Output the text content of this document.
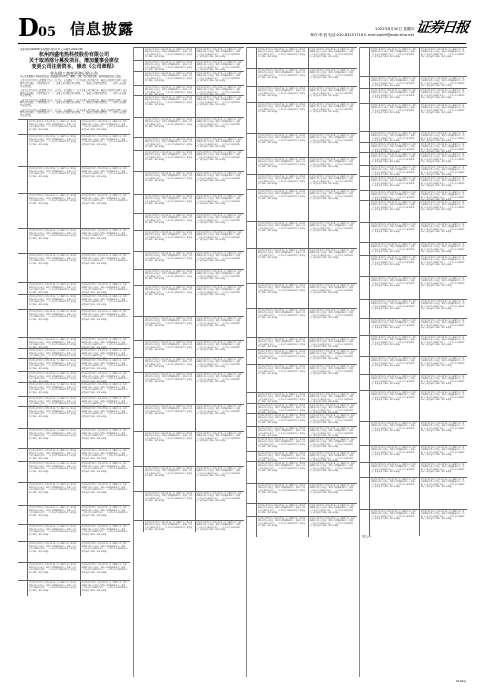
D 05 信息披露	2022年6月30日 星期四
制作:李 波 电话:010-83251716 E-mail:zqrb9@zqrb.sina.net 证券日报
证券代码:002258 证券简称:利尔化学 公告编号:2022-036
杭州西盛电热科技股份有限公司
关于取消部分募投项目、增加董事会席位
变更公司注册资本、修改《公司章程》
并办理工商变更登记的公告
本公司及董事会全体成员保证信息披露的内容真实、准确、完整，没有虚假记载、误导性陈述或重大遗漏。
公司于近日召开第五届董事会第十二次会议，审议通过了《关于变更公司注册资本、修改公司章程并办理工商变更登记的议案》，具体情况如下：一、变更公司注册资本的情况。二、修改公司章程的情况。三、办理工商变更登记的情况。
公司于近日召开第五届董事会第十二次会议，审议通过了《关于变更公司注册资本、修改公司章程并办理工商变更登记的议案》，具体情况如下：一、变更公司注册资本的情况。二、修改公司章程的情况。三、办理工商变更登记的情况。
公司于近日召开第五届董事会第十二次会议，审议通过了《关于变更公司注册资本、修改公司章程并办理工商变更登记的议案》，具体情况如下：一、变更公司注册资本的情况。二、修改公司章程的情况。三、办理工商变更登记的情况。
公司于近日召开第五届董事会第十二次会议，审议通过了《关于变更公司注册资本、修改公司章程并办理工商变更登记的议案》，具体情况如下：一、变更公司注册资本的情况。二、修改公司章程的情况。三、办理工商变更登记的情况。
原条款内容 修订后条款内容 第一条 为维护公司、股东和债权人的合法权益，规范公司的组织和行为，根据《中华人民共和国公司法》、《中华人民共和国证券法》和其他有关规定，制订本章程。
原条款内容 修订后条款内容 第一条 为维护公司、股东和债权人的合法权益，规范公司的组织和行为，根据《中华人民共和国公司法》、《中华人民共和国证券法》和其他有关规定，制订本章程。
原条款内容 修订后条款内容 第一条 为维护公司、股东和债权人的合法权益，规范公司的组织和行为，根据《中华人民共和国公司法》、《中华人民共和国证券法》和其他有关规定，制订本章程。
原条款内容 修订后条款内容 第一条 为维护公司、股东和债权人的合法权益，规范公司的组织和行为，根据《中华人民共和国公司法》、《中华人民共和国证券法》和其他有关规定，制订本章程。
原条款内容 修订后条款内容 第一条 为维护公司、股东和债权人的合法权益，规范公司的组织和行为，根据《中华人民共和国公司法》、《中华人民共和国证券法》和其他有关规定，制订本章程。
原条款内容 修订后条款内容 第一条 为维护公司、股东和债权人的合法权益，规范公司的组织和行为，根据《中华人民共和国公司法》、《中华人民共和国证券法》和其他有关规定，制订本章程。
原条款内容 修订后条款内容 第一条 为维护公司、股东和债权人的合法权益，规范公司的组织和行为，根据《中华人民共和国公司法》、《中华人民共和国证券法》和其他有关规定，制订本章程。
原条款内容 修订后条款内容 第一条 为维护公司、股东和债权人的合法权益，规范公司的组织和行为，根据《中华人民共和国公司法》、《中华人民共和国证券法》和其他有关规定，制订本章程。
原条款内容 修订后条款内容 第一条 为维护公司、股东和债权人的合法权益，规范公司的组织和行为，根据《中华人民共和国公司法》、《中华人民共和国证券法》和其他有关规定，制订本章程。
原条款内容 修订后条款内容 第一条 为维护公司、股东和债权人的合法权益，规范公司的组织和行为，根据《中华人民共和国公司法》、《中华人民共和国证券法》和其他有关规定，制订本章程。
原条款内容 修订后条款内容 第一条 为维护公司、股东和债权人的合法权益，规范公司的组织和行为，根据《中华人民共和国公司法》、《中华人民共和国证券法》和其他有关规定，制订本章程。
原条款内容 修订后条款内容 第一条 为维护公司、股东和债权人的合法权益，规范公司的组织和行为，根据《中华人民共和国公司法》、《中华人民共和国证券法》和其他有关规定，制订本章程。
原条款内容 修订后条款内容 第一条 为维护公司、股东和债权人的合法权益，规范公司的组织和行为，根据《中华人民共和国公司法》、《中华人民共和国证券法》和其他有关规定，制订本章程。
原条款内容 修订后条款内容 第一条 为维护公司、股东和债权人的合法权益，规范公司的组织和行为，根据《中华人民共和国公司法》、《中华人民共和国证券法》和其他有关规定，制订本章程。
原条款内容 修订后条款内容 第一条 为维护公司、股东和债权人的合法权益，规范公司的组织和行为，根据《中华人民共和国公司法》、《中华人民共和国证券法》和其他有关规定，制订本章程。
原条款内容 修订后条款内容 第一条 为维护公司、股东和债权人的合法权益，规范公司的组织和行为，根据《中华人民共和国公司法》、《中华人民共和国证券法》和其他有关规定，制订本章程。
原条款内容 修订后条款内容 第一条 为维护公司、股东和债权人的合法权益，规范公司的组织和行为，根据《中华人民共和国公司法》、《中华人民共和国证券法》和其他有关规定，制订本章程。
原条款内容 修订后条款内容 第一条 为维护公司、股东和债权人的合法权益，规范公司的组织和行为，根据《中华人民共和国公司法》、《中华人民共和国证券法》和其他有关规定，制订本章程。
原条款内容 修订后条款内容 第一条 为维护公司、股东和债权人的合法权益，规范公司的组织和行为，根据《中华人民共和国公司法》、《中华人民共和国证券法》和其他有关规定，制订本章程。
原条款内容 修订后条款内容 第一条 为维护公司、股东和债权人的合法权益，规范公司的组织和行为，根据《中华人民共和国公司法》、《中华人民共和国证券法》和其他有关规定，制订本章程。
原条款内容 修订后条款内容 第一条 为维护公司、股东和债权人的合法权益，规范公司的组织和行为，根据《中华人民共和国公司法》、《中华人民共和国证券法》和其他有关规定，制订本章程。
原条款内容 修订后条款内容 第一条 为维护公司、股东和债权人的合法权益，规范公司的组织和行为，根据《中华人民共和国公司法》、《中华人民共和国证券法》和其他有关规定，制订本章程。
原条款内容 修订后条款内容 第一条 为维护公司、股东和债权人的合法权益，规范公司的组织和行为，根据《中华人民共和国公司法》、《中华人民共和国证券法》和其他有关规定，制订本章程。
原条款内容 修订后条款内容 第一条 为维护公司、股东和债权人的合法权益，规范公司的组织和行为，根据《中华人民共和国公司法》、《中华人民共和国证券法》和其他有关规定，制订本章程。
原条款内容 修订后条款内容 第一条 为维护公司、股东和债权人的合法权益，规范公司的组织和行为，根据《中华人民共和国公司法》、《中华人民共和国证券法》和其他有关规定，制订本章程。
原条款内容 修订后条款内容 第一条 为维护公司、股东和债权人的合法权益，规范公司的组织和行为，根据《中华人民共和国公司法》、《中华人民共和国证券法》和其他有关规定，制订本章程。
原条款内容 修订后条款内容 第一条 为维护公司、股东和债权人的合法权益，规范公司的组织和行为，根据《中华人民共和国公司法》、《中华人民共和国证券法》和其他有关规定，制订本章程。
原条款内容 修订后条款内容 第一条 为维护公司、股东和债权人的合法权益，规范公司的组织和行为，根据《中华人民共和国公司法》、《中华人民共和国证券法》和其他有关规定，制订本章程。
原条款内容 修订后条款内容 第一条 为维护公司、股东和债权人的合法权益，规范公司的组织和行为，根据《中华人民共和国公司法》、《中华人民共和国证券法》和其他有关规定，制订本章程。
原条款内容 修订后条款内容 第一条 为维护公司、股东和债权人的合法权益，规范公司的组织和行为，根据《中华人民共和国公司法》、《中华人民共和国证券法》和其他有关规定，制订本章程。
原条款内容 修订后条款内容 第一条 为维护公司、股东和债权人的合法权益，规范公司的组织和行为，根据《中华人民共和国公司法》、《中华人民共和国证券法》和其他有关规定，制订本章程。
原条款内容 修订后条款内容 第一条 为维护公司、股东和债权人的合法权益，规范公司的组织和行为，根据《中华人民共和国公司法》、《中华人民共和国证券法》和其他有关规定，制订本章程。
原条款内容 修订后条款内容 第一条 为维护公司、股东和债权人的合法权益，规范公司的组织和行为，根据《中华人民共和国公司法》、《中华人民共和国证券法》和其他有关规定，制订本章程。
原条款内容 修订后条款内容 第一条 为维护公司、股东和债权人的合法权益，规范公司的组织和行为，根据《中华人民共和国公司法》、《中华人民共和国证券法》和其他有关规定，制订本章程。
原条款内容 修订后条款内容 第一条 为维护公司、股东和债权人的合法权益，规范公司的组织和行为，根据《中华人民共和国公司法》、《中华人民共和国证券法》和其他有关规定，制订本章程。
原条款内容 修订后条款内容 第一条 为维护公司、股东和债权人的合法权益，规范公司的组织和行为，根据《中华人民共和国公司法》、《中华人民共和国证券法》和其他有关规定，制订本章程。
原条款内容 修订后条款内容 第一条 为维护公司、股东和债权人的合法权益，规范公司的组织和行为，根据《中华人民共和国公司法》、《中华人民共和国证券法》和其他有关规定，制订本章程。
原条款内容 修订后条款内容 第一条 为维护公司、股东和债权人的合法权益，规范公司的组织和行为，根据《中华人民共和国公司法》、《中华人民共和国证券法》和其他有关规定，制订本章程。
原条款内容 修订后条款内容 第一条 为维护公司、股东和债权人的合法权益，规范公司的组织和行为，根据《中华人民共和国公司法》、《中华人民共和国证券法》和其他有关规定，制订本章程。
原条款内容 修订后条款内容 第一条 为维护公司、股东和债权人的合法权益，规范公司的组织和行为，根据《中华人民共和国公司法》、《中华人民共和国证券法》和其他有关规定，制订本章程。
原条款内容 修订后条款内容 第一条 为维护公司、股东和债权人的合法权益，规范公司的组织和行为，根据《中华人民共和国公司法》、《中华人民共和国证券法》和其他有关规定，制订本章程。
原条款内容 修订后条款内容 第一条 为维护公司、股东和债权人的合法权益，规范公司的组织和行为，根据《中华人民共和国公司法》、《中华人民共和国证券法》和其他有关规定，制订本章程。
原条款内容 修订后条款内容 第一条 为维护公司、股东和债权人的合法权益，规范公司的组织和行为，根据《中华人民共和国公司法》、《中华人民共和国证券法》和其他有关规定，制订本章程。
原条款内容 修订后条款内容 第一条 为维护公司、股东和债权人的合法权益，规范公司的组织和行为，根据《中华人民共和国公司法》、《中华人民共和国证券法》和其他有关规定，制订本章程。
原条款内容 修订后条款内容 第一条 为维护公司、股东和债权人的合法权益，规范公司的组织和行为，根据《中华人民共和国公司法》、《中华人民共和国证券法》和其他有关规定，制订本章程。
原条款内容 修订后条款内容 第一条 为维护公司、股东和债权人的合法权益，规范公司的组织和行为，根据《中华人民共和国公司法》、《中华人民共和国证券法》和其他有关规定，制订本章程。
原条款内容 修订后条款内容 第一条 为维护公司、股东和债权人的合法权益，规范公司的组织和行为，根据《中华人民共和国公司法》、《中华人民共和国证券法》和其他有关规定，制订本章程。
原条款内容 修订后条款内容 第一条 为维护公司、股东和债权人的合法权益，规范公司的组织和行为，根据《中华人民共和国公司法》、《中华人民共和国证券法》和其他有关规定，制订本章程。
原条款内容 修订后条款内容 第一条 为维护公司、股东和债权人的合法权益，规范公司的组织和行为，根据《中华人民共和国公司法》、《中华人民共和国证券法》和其他有关规定，制订本章程。
原条款内容 修订后条款内容 第一条 为维护公司、股东和债权人的合法权益，规范公司的组织和行为，根据《中华人民共和国公司法》、《中华人民共和国证券法》和其他有关规定，制订本章程。
原条款内容 修订后条款内容 第一条 为维护公司、股东和债权人的合法权益，规范公司的组织和行为，根据《中华人民共和国公司法》、《中华人民共和国证券法》和其他有关规定，制订本章程。
原条款内容 修订后条款内容 第一条 为维护公司、股东和债权人的合法权益，规范公司的组织和行为，根据《中华人民共和国公司法》、《中华人民共和国证券法》和其他有关规定，制订本章程。
原条款内容 修订后条款内容 第一条 为维护公司、股东和债权人的合法权益，规范公司的组织和行为，根据《中华人民共和国公司法》、《中华人民共和国证券法》和其他有关规定，制订本章程。
原条款内容 修订后条款内容 第一条 为维护公司、股东和债权人的合法权益，规范公司的组织和行为，根据《中华人民共和国公司法》、《中华人民共和国证券法》和其他有关规定，制订本章程。
原条款内容 修订后条款内容 第一条 为维护公司、股东和债权人的合法权益，规范公司的组织和行为，根据《中华人民共和国公司法》、《中华人民共和国证券法》和其他有关规定，制订本章程。
原条款内容 修订后条款内容 第一条 为维护公司、股东和债权人的合法权益，规范公司的组织和行为，根据《中华人民共和国公司法》、《中华人民共和国证券法》和其他有关规定，制订本章程。
原条款内容 修订后条款内容 第一条 为维护公司、股东和债权人的合法权益，规范公司的组织和行为，根据《中华人民共和国公司法》、《中华人民共和国证券法》和其他有关规定，制订本章程。
原条款内容 修订后条款内容 第一条 为维护公司、股东和债权人的合法权益，规范公司的组织和行为，根据《中华人民共和国公司法》、《中华人民共和国证券法》和其他有关规定，制订本章程。
原条款内容 修订后条款内容 第一条 为维护公司、股东和债权人的合法权益，规范公司的组织和行为，根据《中华人民共和国公司法》、《中华人民共和国证券法》和其他有关规定，制订本章程。
原条款内容 修订后条款内容 第一条 为维护公司、股东和债权人的合法权益，规范公司的组织和行为，根据《中华人民共和国公司法》、《中华人民共和国证券法》和其他有关规定，制订本章程。
原条款内容 修订后条款内容 第一条 为维护公司、股东和债权人的合法权益，规范公司的组织和行为，根据《中华人民共和国公司法》、《中华人民共和国证券法》和其他有关规定，制订本章程。
原条款内容 修订后条款内容 第一条 为维护公司、股东和债权人的合法权益，规范公司的组织和行为，根据《中华人民共和国公司法》、《中华人民共和国证券法》和其他有关规定，制订本章程。
原条款内容 修订后条款内容 第一条 为维护公司、股东和债权人的合法权益，规范公司的组织和行为，根据《中华人民共和国公司法》、《中华人民共和国证券法》和其他有关规定，制订本章程。
原条款内容 修订后条款内容 第一条 为维护公司、股东和债权人的合法权益，规范公司的组织和行为，根据《中华人民共和国公司法》、《中华人民共和国证券法》和其他有关规定，制订本章程。
原条款内容 修订后条款内容 第一条 为维护公司、股东和债权人的合法权益，规范公司的组织和行为，根据《中华人民共和国公司法》、《中华人民共和国证券法》和其他有关规定，制订本章程。
原条款内容 修订后条款内容 第一条 为维护公司、股东和债权人的合法权益，规范公司的组织和行为，根据《中华人民共和国公司法》、《中华人民共和国证券法》和其他有关规定，制订本章程。
原条款内容 修订后条款内容 第一条 为维护公司、股东和债权人的合法权益，规范公司的组织和行为，根据《中华人民共和国公司法》、《中华人民共和国证券法》和其他有关规定，制订本章程。
原条款内容 修订后条款内容 第一条 为维护公司、股东和债权人的合法权益，规范公司的组织和行为，根据《中华人民共和国公司法》、《中华人民共和国证券法》和其他有关规定，制订本章程。
原条款内容 修订后条款内容 第一条 为维护公司、股东和债权人的合法权益，规范公司的组织和行为，根据《中华人民共和国公司法》、《中华人民共和国证券法》和其他有关规定，制订本章程。
原条款内容 修订后条款内容 第一条 为维护公司、股东和债权人的合法权益，规范公司的组织和行为，根据《中华人民共和国公司法》、《中华人民共和国证券法》和其他有关规定，制订本章程。
原条款内容 修订后条款内容 第一条 为维护公司、股东和债权人的合法权益，规范公司的组织和行为，根据《中华人民共和国公司法》、《中华人民共和国证券法》和其他有关规定，制订本章程。
原条款内容 修订后条款内容 第一条 为维护公司、股东和债权人的合法权益，规范公司的组织和行为，根据《中华人民共和国公司法》、《中华人民共和国证券法》和其他有关规定，制订本章程。
原条款内容 修订后条款内容 第一条 为维护公司、股东和债权人的合法权益，规范公司的组织和行为，根据《中华人民共和国公司法》、《中华人民共和国证券法》和其他有关规定，制订本章程。
原条款内容 修订后条款内容 第一条 为维护公司、股东和债权人的合法权益，规范公司的组织和行为，根据《中华人民共和国公司法》、《中华人民共和国证券法》和其他有关规定，制订本章程。
原条款内容 修订后条款内容 第一条 为维护公司、股东和债权人的合法权益，规范公司的组织和行为，根据《中华人民共和国公司法》、《中华人民共和国证券法》和其他有关规定，制订本章程。
原条款内容 修订后条款内容 第一条 为维护公司、股东和债权人的合法权益，规范公司的组织和行为，根据《中华人民共和国公司法》、《中华人民共和国证券法》和其他有关规定，制订本章程。
原条款内容 修订后条款内容 第一条 为维护公司、股东和债权人的合法权益，规范公司的组织和行为，根据《中华人民共和国公司法》、《中华人民共和国证券法》和其他有关规定，制订本章程。
原条款内容 修订后条款内容 第一条 为维护公司、股东和债权人的合法权益，规范公司的组织和行为，根据《中华人民共和国公司法》、《中华人民共和国证券法》和其他有关规定，制订本章程。
原条款内容 修订后条款内容 第一条 为维护公司、股东和债权人的合法权益，规范公司的组织和行为，根据《中华人民共和国公司法》、《中华人民共和国证券法》和其他有关规定，制订本章程。
原条款内容 修订后条款内容 第一条 为维护公司、股东和债权人的合法权益，规范公司的组织和行为，根据《中华人民共和国公司法》、《中华人民共和国证券法》和其他有关规定，制订本章程。
原条款内容 修订后条款内容 第一条 为维护公司、股东和债权人的合法权益，规范公司的组织和行为，根据《中华人民共和国公司法》、《中华人民共和国证券法》和其他有关规定，制订本章程。
原条款内容 修订后条款内容 第一条 为维护公司、股东和债权人的合法权益，规范公司的组织和行为，根据《中华人民共和国公司法》、《中华人民共和国证券法》和其他有关规定，制订本章程。
原条款内容 修订后条款内容 第一条 为维护公司、股东和债权人的合法权益，规范公司的组织和行为，根据《中华人民共和国公司法》、《中华人民共和国证券法》和其他有关规定，制订本章程。
原条款内容 修订后条款内容 第一条 为维护公司、股东和债权人的合法权益，规范公司的组织和行为，根据《中华人民共和国公司法》、《中华人民共和国证券法》和其他有关规定，制订本章程。
原条款内容 修订后条款内容 第一条 为维护公司、股东和债权人的合法权益，规范公司的组织和行为，根据《中华人民共和国公司法》、《中华人民共和国证券法》和其他有关规定，制订本章程。
原条款内容 修订后条款内容 第一条 为维护公司、股东和债权人的合法权益，规范公司的组织和行为，根据《中华人民共和国公司法》、《中华人民共和国证券法》和其他有关规定，制订本章程。
原条款内容 修订后条款内容 第一条 为维护公司、股东和债权人的合法权益，规范公司的组织和行为，根据《中华人民共和国公司法》、《中华人民共和国证券法》和其他有关规定，制订本章程。
原条款内容 修订后条款内容 第一条 为维护公司、股东和债权人的合法权益，规范公司的组织和行为，根据《中华人民共和国公司法》、《中华人民共和国证券法》和其他有关规定，制订本章程。
原条款内容 修订后条款内容 第一条 为维护公司、股东和债权人的合法权益，规范公司的组织和行为，根据《中华人民共和国公司法》、《中华人民共和国证券法》和其他有关规定，制订本章程。
原条款内容 修订后条款内容 第一条 为维护公司、股东和债权人的合法权益，规范公司的组织和行为，根据《中华人民共和国公司法》、《中华人民共和国证券法》和其他有关规定，制订本章程。
原条款内容 修订后条款内容 第一条 为维护公司、股东和债权人的合法权益，规范公司的组织和行为，根据《中华人民共和国公司法》、《中华人民共和国证券法》和其他有关规定，制订本章程。
原条款内容 修订后条款内容 第一条 为维护公司、股东和债权人的合法权益，规范公司的组织和行为，根据《中华人民共和国公司法》、《中华人民共和国证券法》和其他有关规定，制订本章程。
原条款内容 修订后条款内容 第一条 为维护公司、股东和债权人的合法权益，规范公司的组织和行为，根据《中华人民共和国公司法》、《中华人民共和国证券法》和其他有关规定，制订本章程。
原条款内容 修订后条款内容 第一条 为维护公司、股东和债权人的合法权益，规范公司的组织和行为，根据《中华人民共和国公司法》、《中华人民共和国证券法》和其他有关规定，制订本章程。
原条款内容 修订后条款内容 第一条 为维护公司、股东和债权人的合法权益，规范公司的组织和行为，根据《中华人民共和国公司法》、《中华人民共和国证券法》和其他有关规定，制订本章程。
原条款内容 修订后条款内容 第一条 为维护公司、股东和债权人的合法权益，规范公司的组织和行为，根据《中华人民共和国公司法》、《中华人民共和国证券法》和其他有关规定，制订本章程。
原条款内容 修订后条款内容 第一条 为维护公司、股东和债权人的合法权益，规范公司的组织和行为，根据《中华人民共和国公司法》、《中华人民共和国证券法》和其他有关规定，制订本章程。
原条款内容 修订后条款内容 第一条 为维护公司、股东和债权人的合法权益，规范公司的组织和行为，根据《中华人民共和国公司法》、《中华人民共和国证券法》和其他有关规定，制订本章程。
原条款内容 修订后条款内容 第一条 为维护公司、股东和债权人的合法权益，规范公司的组织和行为，根据《中华人民共和国公司法》、《中华人民共和国证券法》和其他有关规定，制订本章程。
原条款内容 修订后条款内容 第一条 为维护公司、股东和债权人的合法权益，规范公司的组织和行为，根据《中华人民共和国公司法》、《中华人民共和国证券法》和其他有关规定，制订本章程。
原条款内容 修订后条款内容 第一条 为维护公司、股东和债权人的合法权益，规范公司的组织和行为，根据《中华人民共和国公司法》、《中华人民共和国证券法》和其他有关规定，制订本章程。
原条款内容 修订后条款内容 第一条 为维护公司、股东和债权人的合法权益，规范公司的组织和行为，根据《中华人民共和国公司法》、《中华人民共和国证券法》和其他有关规定，制订本章程。
原条款内容 修订后条款内容 第一条 为维护公司、股东和债权人的合法权益，规范公司的组织和行为，根据《中华人民共和国公司法》、《中华人民共和国证券法》和其他有关规定，制订本章程。
原条款内容 修订后条款内容 第一条 为维护公司、股东和债权人的合法权益，规范公司的组织和行为，根据《中华人民共和国公司法》、《中华人民共和国证券法》和其他有关规定，制订本章程。
原条款内容 修订后条款内容 第一条 为维护公司、股东和债权人的合法权益，规范公司的组织和行为，根据《中华人民共和国公司法》、《中华人民共和国证券法》和其他有关规定，制订本章程。
原条款内容 修订后条款内容 第一条 为维护公司、股东和债权人的合法权益，规范公司的组织和行为，根据《中华人民共和国公司法》、《中华人民共和国证券法》和其他有关规定，制订本章程。
原条款内容 修订后条款内容 第一条 为维护公司、股东和债权人的合法权益，规范公司的组织和行为，根据《中华人民共和国公司法》、《中华人民共和国证券法》和其他有关规定，制订本章程。
原条款内容 修订后条款内容 第一条 为维护公司、股东和债权人的合法权益，规范公司的组织和行为，根据《中华人民共和国公司法》、《中华人民共和国证券法》和其他有关规定，制订本章程。
原条款内容 修订后条款内容 第一条 为维护公司、股东和债权人的合法权益，规范公司的组织和行为，根据《中华人民共和国公司法》、《中华人民共和国证券法》和其他有关规定，制订本章程。
原条款内容 修订后条款内容 第一条 为维护公司、股东和债权人的合法权益，规范公司的组织和行为，根据《中华人民共和国公司法》、《中华人民共和国证券法》和其他有关规定，制订本章程。
原条款内容 修订后条款内容 第一条 为维护公司、股东和债权人的合法权益，规范公司的组织和行为，根据《中华人民共和国公司法》、《中华人民共和国证券法》和其他有关规定，制订本章程。
原条款内容 修订后条款内容 第一条 为维护公司、股东和债权人的合法权益，规范公司的组织和行为，根据《中华人民共和国公司法》、《中华人民共和国证券法》和其他有关规定，制订本章程。
原条款内容 修订后条款内容 第一条 为维护公司、股东和债权人的合法权益，规范公司的组织和行为，根据《中华人民共和国公司法》、《中华人民共和国证券法》和其他有关规定，制订本章程。
原条款内容 修订后条款内容 第一条 为维护公司、股东和债权人的合法权益，规范公司的组织和行为，根据《中华人民共和国公司法》、《中华人民共和国证券法》和其他有关规定，制订本章程。
原条款内容 修订后条款内容 第一条 为维护公司、股东和债权人的合法权益，规范公司的组织和行为，根据《中华人民共和国公司法》、《中华人民共和国证券法》和其他有关规定，制订本章程。
原条款内容 修订后条款内容 第一条 为维护公司、股东和债权人的合法权益，规范公司的组织和行为，根据《中华人民共和国公司法》、《中华人民共和国证券法》和其他有关规定，制订本章程。
原条款内容 修订后条款内容 第一条 为维护公司、股东和债权人的合法权益，规范公司的组织和行为，根据《中华人民共和国公司法》、《中华人民共和国证券法》和其他有关规定，制订本章程。
原条款内容 修订后条款内容 第一条 为维护公司、股东和债权人的合法权益，规范公司的组织和行为，根据《中华人民共和国公司法》、《中华人民共和国证券法》和其他有关规定，制订本章程。
原条款内容 修订后条款内容 第一条 为维护公司、股东和债权人的合法权益，规范公司的组织和行为，根据《中华人民共和国公司法》、《中华人民共和国证券法》和其他有关规定，制订本章程。
原条款内容 修订后条款内容 第一条 为维护公司、股东和债权人的合法权益，规范公司的组织和行为，根据《中华人民共和国公司法》、《中华人民共和国证券法》和其他有关规定，制订本章程。
原条款内容 修订后条款内容 第一条 为维护公司、股东和债权人的合法权益，规范公司的组织和行为，根据《中华人民共和国公司法》、《中华人民共和国证券法》和其他有关规定，制订本章程。
原条款内容 修订后条款内容 第一条 为维护公司、股东和债权人的合法权益，规范公司的组织和行为，根据《中华人民共和国公司法》、《中华人民共和国证券法》和其他有关规定，制订本章程。
原条款内容 修订后条款内容 第一条 为维护公司、股东和债权人的合法权益，规范公司的组织和行为，根据《中华人民共和国公司法》、《中华人民共和国证券法》和其他有关规定，制订本章程。
原条款内容 修订后条款内容 第一条 为维护公司、股东和债权人的合法权益，规范公司的组织和行为，根据《中华人民共和国公司法》、《中华人民共和国证券法》和其他有关规定，制订本章程。
原条款内容 修订后条款内容 第一条 为维护公司、股东和债权人的合法权益，规范公司的组织和行为，根据《中华人民共和国公司法》、《中华人民共和国证券法》和其他有关规定，制订本章程。
原条款内容 修订后条款内容 第一条 为维护公司、股东和债权人的合法权益，规范公司的组织和行为，根据《中华人民共和国公司法》、《中华人民共和国证券法》和其他有关规定，制订本章程。
原条款内容 修订后条款内容 第一条 为维护公司、股东和债权人的合法权益，规范公司的组织和行为，根据《中华人民共和国公司法》、《中华人民共和国证券法》和其他有关规定，制订本章程。
原条款内容 修订后条款内容 第一条 为维护公司、股东和债权人的合法权益，规范公司的组织和行为，根据《中华人民共和国公司法》、《中华人民共和国证券法》和其他有关规定，制订本章程。
原条款内容 修订后条款内容 第一条 为维护公司、股东和债权人的合法权益，规范公司的组织和行为，根据《中华人民共和国公司法》、《中华人民共和国证券法》和其他有关规定，制订本章程。
原条款内容 修订后条款内容 第一条 为维护公司、股东和债权人的合法权益，规范公司的组织和行为，根据《中华人民共和国公司法》、《中华人民共和国证券法》和其他有关规定，制订本章程。
原条款内容 修订后条款内容 第一条 为维护公司、股东和债权人的合法权益，规范公司的组织和行为，根据《中华人民共和国公司法》、《中华人民共和国证券法》和其他有关规定，制订本章程。
原条款内容 修订后条款内容 第一条 为维护公司、股东和债权人的合法权益，规范公司的组织和行为，根据《中华人民共和国公司法》、《中华人民共和国证券法》和其他有关规定，制订本章程。
原条款内容 修订后条款内容 第一条 为维护公司、股东和债权人的合法权益，规范公司的组织和行为，根据《中华人民共和国公司法》、《中华人民共和国证券法》和其他有关规定，制订本章程。
原条款内容 修订后条款内容 第一条 为维护公司、股东和债权人的合法权益，规范公司的组织和行为，根据《中华人民共和国公司法》、《中华人民共和国证券法》和其他有关规定，制订本章程。
原条款内容 修订后条款内容 第一条 为维护公司、股东和债权人的合法权益，规范公司的组织和行为，根据《中华人民共和国公司法》、《中华人民共和国证券法》和其他有关规定，制订本章程。
原条款内容 修订后条款内容 第一条 为维护公司、股东和债权人的合法权益，规范公司的组织和行为，根据《中华人民共和国公司法》、《中华人民共和国证券法》和其他有关规定，制订本章程。
原条款内容 修订后条款内容 第一条 为维护公司、股东和债权人的合法权益，规范公司的组织和行为，根据《中华人民共和国公司法》、《中华人民共和国证券法》和其他有关规定，制订本章程。
原条款内容 修订后条款内容 第一条 为维护公司、股东和债权人的合法权益，规范公司的组织和行为，根据《中华人民共和国公司法》、《中华人民共和国证券法》和其他有关规定，制订本章程。
原条款内容 修订后条款内容 第一条 为维护公司、股东和债权人的合法权益，规范公司的组织和行为，根据《中华人民共和国公司法》、《中华人民共和国证券法》和其他有关规定，制订本章程。
原条款内容 修订后条款内容 第一条 为维护公司、股东和债权人的合法权益，规范公司的组织和行为，根据《中华人民共和国公司法》、《中华人民共和国证券法》和其他有关规定，制订本章程。
原条款内容 修订后条款内容 第一条 为维护公司、股东和债权人的合法权益，规范公司的组织和行为，根据《中华人民共和国公司法》、《中华人民共和国证券法》和其他有关规定，制订本章程。
原条款内容 修订后条款内容 第一条 为维护公司、股东和债权人的合法权益，规范公司的组织和行为，根据《中华人民共和国公司法》、《中华人民共和国证券法》和其他有关规定，制订本章程。
原条款内容 修订后条款内容 第一条 为维护公司、股东和债权人的合法权益，规范公司的组织和行为，根据《中华人民共和国公司法》、《中华人民共和国证券法》和其他有关规定，制订本章程。
原条款内容 修订后条款内容 第一条 为维护公司、股东和债权人的合法权益，规范公司的组织和行为，根据《中华人民共和国公司法》、《中华人民共和国证券法》和其他有关规定，制订本章程。
原条款内容 修订后条款内容 第一条 为维护公司、股东和债权人的合法权益，规范公司的组织和行为，根据《中华人民共和国公司法》、《中华人民共和国证券法》和其他有关规定，制订本章程。
原条款内容 修订后条款内容 第一条 为维护公司、股东和债权人的合法权益，规范公司的组织和行为，根据《中华人民共和国公司法》、《中华人民共和国证券法》和其他有关规定，制订本章程。
原条款内容 修订后条款内容 第一条 为维护公司、股东和债权人的合法权益，规范公司的组织和行为，根据《中华人民共和国公司法》、《中华人民共和国证券法》和其他有关规定，制订本章程。
原条款内容 修订后条款内容 第一条 为维护公司、股东和债权人的合法权益，规范公司的组织和行为，根据《中华人民共和国公司法》、《中华人民共和国证券法》和其他有关规定，制订本章程。
原条款内容 修订后条款内容 第一条 为维护公司、股东和债权人的合法权益，规范公司的组织和行为，根据《中华人民共和国公司法》、《中华人民共和国证券法》和其他有关规定，制订本章程。
原条款内容 修订后条款内容 第一条 为维护公司、股东和债权人的合法权益，规范公司的组织和行为，根据《中华人民共和国公司法》、《中华人民共和国证券法》和其他有关规定，制订本章程。
原条款内容 修订后条款内容 第一条 为维护公司、股东和债权人的合法权益，规范公司的组织和行为，根据《中华人民共和国公司法》、《中华人民共和国证券法》和其他有关规定，制订本章程。
原条款内容 修订后条款内容 第一条 为维护公司、股东和债权人的合法权益，规范公司的组织和行为，根据《中华人民共和国公司法》、《中华人民共和国证券法》和其他有关规定，制订本章程。
原条款内容 修订后条款内容 第一条 为维护公司、股东和债权人的合法权益，规范公司的组织和行为，根据《中华人民共和国公司法》、《中华人民共和国证券法》和其他有关规定，制订本章程。
原条款内容 修订后条款内容 第一条 为维护公司、股东和债权人的合法权益，规范公司的组织和行为，根据《中华人民共和国公司法》、《中华人民共和国证券法》和其他有关规定，制订本章程。
原条款内容 修订后条款内容 第一条 为维护公司、股东和债权人的合法权益，规范公司的组织和行为，根据《中华人民共和国公司法》、《中华人民共和国证券法》和其他有关规定，制订本章程。
原条款内容 修订后条款内容 第一条 为维护公司、股东和债权人的合法权益，规范公司的组织和行为，根据《中华人民共和国公司法》、《中华人民共和国证券法》和其他有关规定，制订本章程。
原条款内容 修订后条款内容 第一条 为维护公司、股东和债权人的合法权益，规范公司的组织和行为，根据《中华人民共和国公司法》、《中华人民共和国证券法》和其他有关规定，制订本章程。
原条款内容 修订后条款内容 第一条 为维护公司、股东和债权人的合法权益，规范公司的组织和行为，根据《中华人民共和国公司法》、《中华人民共和国证券法》和其他有关规定，制订本章程。
原条款内容 修订后条款内容 第一条 为维护公司、股东和债权人的合法权益，规范公司的组织和行为，根据《中华人民共和国公司法》、《中华人民共和国证券法》和其他有关规定，制订本章程。
原条款内容 修订后条款内容 第一条 为维护公司、股东和债权人的合法权益，规范公司的组织和行为，根据《中华人民共和国公司法》、《中华人民共和国证券法》和其他有关规定，制订本章程。
原条款内容 修订后条款内容 第一条 为维护公司、股东和债权人的合法权益，规范公司的组织和行为，根据《中华人民共和国公司法》、《中华人民共和国证券法》和其他有关规定，制订本章程。
原条款内容 修订后条款内容 第一条 为维护公司、股东和债权人的合法权益，规范公司的组织和行为，根据《中华人民共和国公司法》、《中华人民共和国证券法》和其他有关规定，制订本章程。
原条款内容 修订后条款内容 第一条 为维护公司、股东和债权人的合法权益，规范公司的组织和行为，根据《中华人民共和国公司法》、《中华人民共和国证券法》和其他有关规定，制订本章程。
原条款内容 修订后条款内容 第一条 为维护公司、股东和债权人的合法权益，规范公司的组织和行为，根据《中华人民共和国公司法》、《中华人民共和国证券法》和其他有关规定，制订本章程。
原条款内容 修订后条款内容 第一条 为维护公司、股东和债权人的合法权益，规范公司的组织和行为，根据《中华人民共和国公司法》、《中华人民共和国证券法》和其他有关规定，制订本章程。
原条款内容 修订后条款内容 第一条 为维护公司、股东和债权人的合法权益，规范公司的组织和行为，根据《中华人民共和国公司法》、《中华人民共和国证券法》和其他有关规定，制订本章程。
原条款内容 修订后条款内容 第一条 为维护公司、股东和债权人的合法权益，规范公司的组织和行为，根据《中华人民共和国公司法》、《中华人民共和国证券法》和其他有关规定，制订本章程。
原条款内容 修订后条款内容 第一条 为维护公司、股东和债权人的合法权益，规范公司的组织和行为，根据《中华人民共和国公司法》、《中华人民共和国证券法》和其他有关规定，制订本章程。
原条款内容 修订后条款内容 第一条 为维护公司、股东和债权人的合法权益，规范公司的组织和行为，根据《中华人民共和国公司法》、《中华人民共和国证券法》和其他有关规定，制订本章程。
原条款内容 修订后条款内容 第一条 为维护公司、股东和债权人的合法权益，规范公司的组织和行为，根据《中华人民共和国公司法》、《中华人民共和国证券法》和其他有关规定，制订本章程。
原条款内容 修订后条款内容 第一条 为维护公司、股东和债权人的合法权益，规范公司的组织和行为，根据《中华人民共和国公司法》、《中华人民共和国证券法》和其他有关规定，制订本章程。
原条款内容 修订后条款内容 第一条 为维护公司、股东和债权人的合法权益，规范公司的组织和行为，根据《中华人民共和国公司法》、《中华人民共和国证券法》和其他有关规定，制订本章程。
原条款内容 修订后条款内容 第一条 为维护公司、股东和债权人的合法权益，规范公司的组织和行为，根据《中华人民共和国公司法》、《中华人民共和国证券法》和其他有关规定，制订本章程。
原条款内容 修订后条款内容 第一条 为维护公司、股东和债权人的合法权益，规范公司的组织和行为，根据《中华人民共和国公司法》、《中华人民共和国证券法》和其他有关规定，制订本章程。
原条款内容 修订后条款内容 第一条 为维护公司、股东和债权人的合法权益，规范公司的组织和行为，根据《中华人民共和国公司法》、《中华人民共和国证券法》和其他有关规定，制订本章程。
原条款内容 修订后条款内容 第一条 为维护公司、股东和债权人的合法权益，规范公司的组织和行为，根据《中华人民共和国公司法》、《中华人民共和国证券法》和其他有关规定，制订本章程。
原条款内容 修订后条款内容 第一条 为维护公司、股东和债权人的合法权益，规范公司的组织和行为，根据《中华人民共和国公司法》、《中华人民共和国证券法》和其他有关规定，制订本章程。
原条款内容 修订后条款内容 第一条 为维护公司、股东和债权人的合法权益，规范公司的组织和行为，根据《中华人民共和国公司法》、《中华人民共和国证券法》和其他有关规定，制订本章程。
原条款内容 修订后条款内容 第一条 为维护公司、股东和债权人的合法权益，规范公司的组织和行为，根据《中华人民共和国公司法》、《中华人民共和国证券法》和其他有关规定，制订本章程。
原条款内容 修订后条款内容 第一条 为维护公司、股东和债权人的合法权益，规范公司的组织和行为，根据《中华人民共和国公司法》、《中华人民共和国证券法》和其他有关规定，制订本章程。
原条款内容 修订后条款内容 第一条 为维护公司、股东和债权人的合法权益，规范公司的组织和行为，根据《中华人民共和国公司法》、《中华人民共和国证券法》和其他有关规定，制订本章程。
原条款内容 修订后条款内容 第一条 为维护公司、股东和债权人的合法权益，规范公司的组织和行为，根据《中华人民共和国公司法》、《中华人民共和国证券法》和其他有关规定，制订本章程。
原条款内容 修订后条款内容 第一条 为维护公司、股东和债权人的合法权益，规范公司的组织和行为，根据《中华人民共和国公司法》、《中华人民共和国证券法》和其他有关规定，制订本章程。
原条款内容 修订后条款内容 第一条 为维护公司、股东和债权人的合法权益，规范公司的组织和行为，根据《中华人民共和国公司法》、《中华人民共和国证券法》和其他有关规定，制订本章程。
原条款内容 修订后条款内容 第一条 为维护公司、股东和债权人的合法权益，规范公司的组织和行为，根据《中华人民共和国公司法》、《中华人民共和国证券法》和其他有关规定，制订本章程。
原条款内容 修订后条款内容 第一条 为维护公司、股东和债权人的合法权益，规范公司的组织和行为，根据《中华人民共和国公司法》、《中华人民共和国证券法》和其他有关规定，制订本章程。
原条款内容 修订后条款内容 第一条 为维护公司、股东和债权人的合法权益，规范公司的组织和行为，根据《中华人民共和国公司法》、《中华人民共和国证券法》和其他有关规定，制订本章程。
原条款内容 修订后条款内容 第一条 为维护公司、股东和债权人的合法权益，规范公司的组织和行为，根据《中华人民共和国公司法》、《中华人民共和国证券法》和其他有关规定，制订本章程。
原条款内容 修订后条款内容 第一条 为维护公司、股东和债权人的合法权益，规范公司的组织和行为，根据《中华人民共和国公司法》、《中华人民共和国证券法》和其他有关规定，制订本章程。
原条款内容 修订后条款内容 第一条 为维护公司、股东和债权人的合法权益，规范公司的组织和行为，根据《中华人民共和国公司法》、《中华人民共和国证券法》和其他有关规定，制订本章程。
原条款内容 修订后条款内容 第一条 为维护公司、股东和债权人的合法权益，规范公司的组织和行为，根据《中华人民共和国公司法》、《中华人民共和国证券法》和其他有关规定，制订本章程。
原条款内容 修订后条款内容 第一条 为维护公司、股东和债权人的合法权益，规范公司的组织和行为，根据《中华人民共和国公司法》、《中华人民共和国证券法》和其他有关规定，制订本章程。
原条款内容 修订后条款内容 第一条 为维护公司、股东和债权人的合法权益，规范公司的组织和行为，根据《中华人民共和国公司法》、《中华人民共和国证券法》和其他有关规定，制订本章程。
原条款内容 修订后条款内容 第一条 为维护公司、股东和债权人的合法权益，规范公司的组织和行为，根据《中华人民共和国公司法》、《中华人民共和国证券法》和其他有关规定，制订本章程。
原条款内容 修订后条款内容 第一条 为维护公司、股东和债权人的合法权益，规范公司的组织和行为，根据《中华人民共和国公司法》、《中华人民共和国证券法》和其他有关规定，制订本章程。
原条款内容 修订后条款内容 第一条 为维护公司、股东和债权人的合法权益，规范公司的组织和行为，根据《中华人民共和国公司法》、《中华人民共和国证券法》和其他有关规定，制订本章程。
原条款内容 修订后条款内容 第一条 为维护公司、股东和债权人的合法权益，规范公司的组织和行为，根据《中华人民共和国公司法》、《中华人民共和国证券法》和其他有关规定，制订本章程。
原条款内容 修订后条款内容 第一条 为维护公司、股东和债权人的合法权益，规范公司的组织和行为，根据《中华人民共和国公司法》、《中华人民共和国证券法》和其他有关规定，制订本章程。
原条款内容 修订后条款内容 第一条 为维护公司、股东和债权人的合法权益，规范公司的组织和行为，根据《中华人民共和国公司法》、《中华人民共和国证券法》和其他有关规定，制订本章程。
原条款内容 修订后条款内容 第一条 为维护公司、股东和债权人的合法权益，规范公司的组织和行为，根据《中华人民共和国公司法》、《中华人民共和国证券法》和其他有关规定，制订本章程。
特此公告。
CZ Daily
